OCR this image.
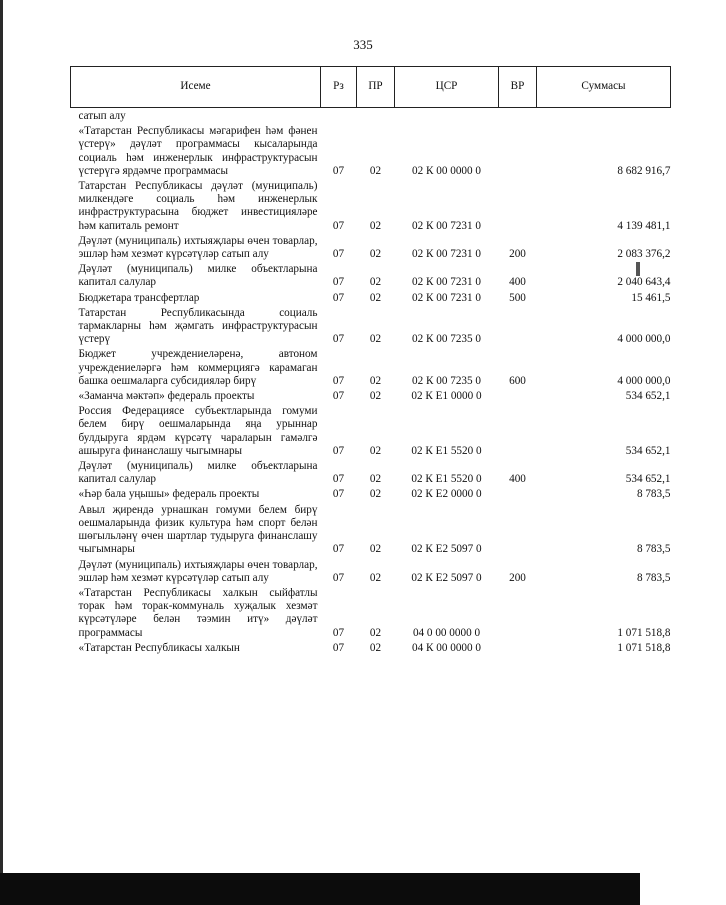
335
Исеме	Рз	ПР	ЦСР	ВР	Суммасы
сатып алу					
«Татарстан Республикасы мәгарифен һәм фәнен үстерү» дәүләт программасы кысаларында социаль һәм инженерлык инфраструктурасын үстерүгә ярдәмче программасы	07	02	02 К 00 0000 0		8 682 916,7
Татарстан Республикасы дәүләт (муниципаль) милкендәге социаль һәм инженерлык инфраструктурасына бюджет инвестицияләре һәм капиталь ремонт	07	02	02 К 00 7231 0		4 139 481,1
Дәүләт (муниципаль) ихтыяҗлары өчен товарлар, эшләр һәм хезмәт күрсәтүләр сатып алу	07	02	02 К 00 7231 0	200	2 083 376,2
Дәүләт (муниципаль) милке объектларына капитал салулар	07	02	02 К 00 7231 0	400	2 040 643,4
Бюджетара трансфертлар	07	02	02 К 00 7231 0	500	15 461,5
Татарстан Республикасында социаль тармакларны һәм җәмгать инфраструктурасын үстерү	07	02	02 К 00 7235 0		4 000 000,0
Бюджет учреждениеләренә, автоном учреждениеләргә һәм коммерциягә карамаган башка оешмаларга субсидияләр бирү	07	02	02 К 00 7235 0	600	4 000 000,0
«Заманча мәктәп» федераль проекты	07	02	02 К Е1 0000 0		534 652,1
Россия Федерациясе субъектларында гомуми белем бирү оешмаларында яңа урыннар булдыруга ярдәм күрсәтү чараларын гамәлгә ашыруга финанслашу чыгымнары	07	02	02 К Е1 5520 0		534 652,1
Дәүләт (муниципаль) милке объектларына капитал салулар	07	02	02 К Е1 5520 0	400	534 652,1
«Һәр бала уңышы» федераль проекты	07	02	02 К Е2 0000 0		8 783,5
Авыл җирендә урнашкан гомуми белем бирү оешмаларында физик культура һәм спорт белән шөгыльләнү өчен шартлар тудыруга финанслашу чыгымнары	07	02	02 К Е2 5097 0		8 783,5
Дәүләт (муниципаль) ихтыяҗлары өчен товарлар, эшләр һәм хезмәт күрсәтүләр сатып алу	07	02	02 К Е2 5097 0	200	8 783,5
«Татарстан Республикасы халкын сыйфатлы торак һәм торак-коммуналь хуҗалык хезмәт күрсәтүләре белән тәэмин итү» дәүләт программасы	07	02	04 0 00 0000 0		1 071 518,8
«Татарстан Республикасы халкын	07	02	04 К 00 0000 0		1 071 518,8
